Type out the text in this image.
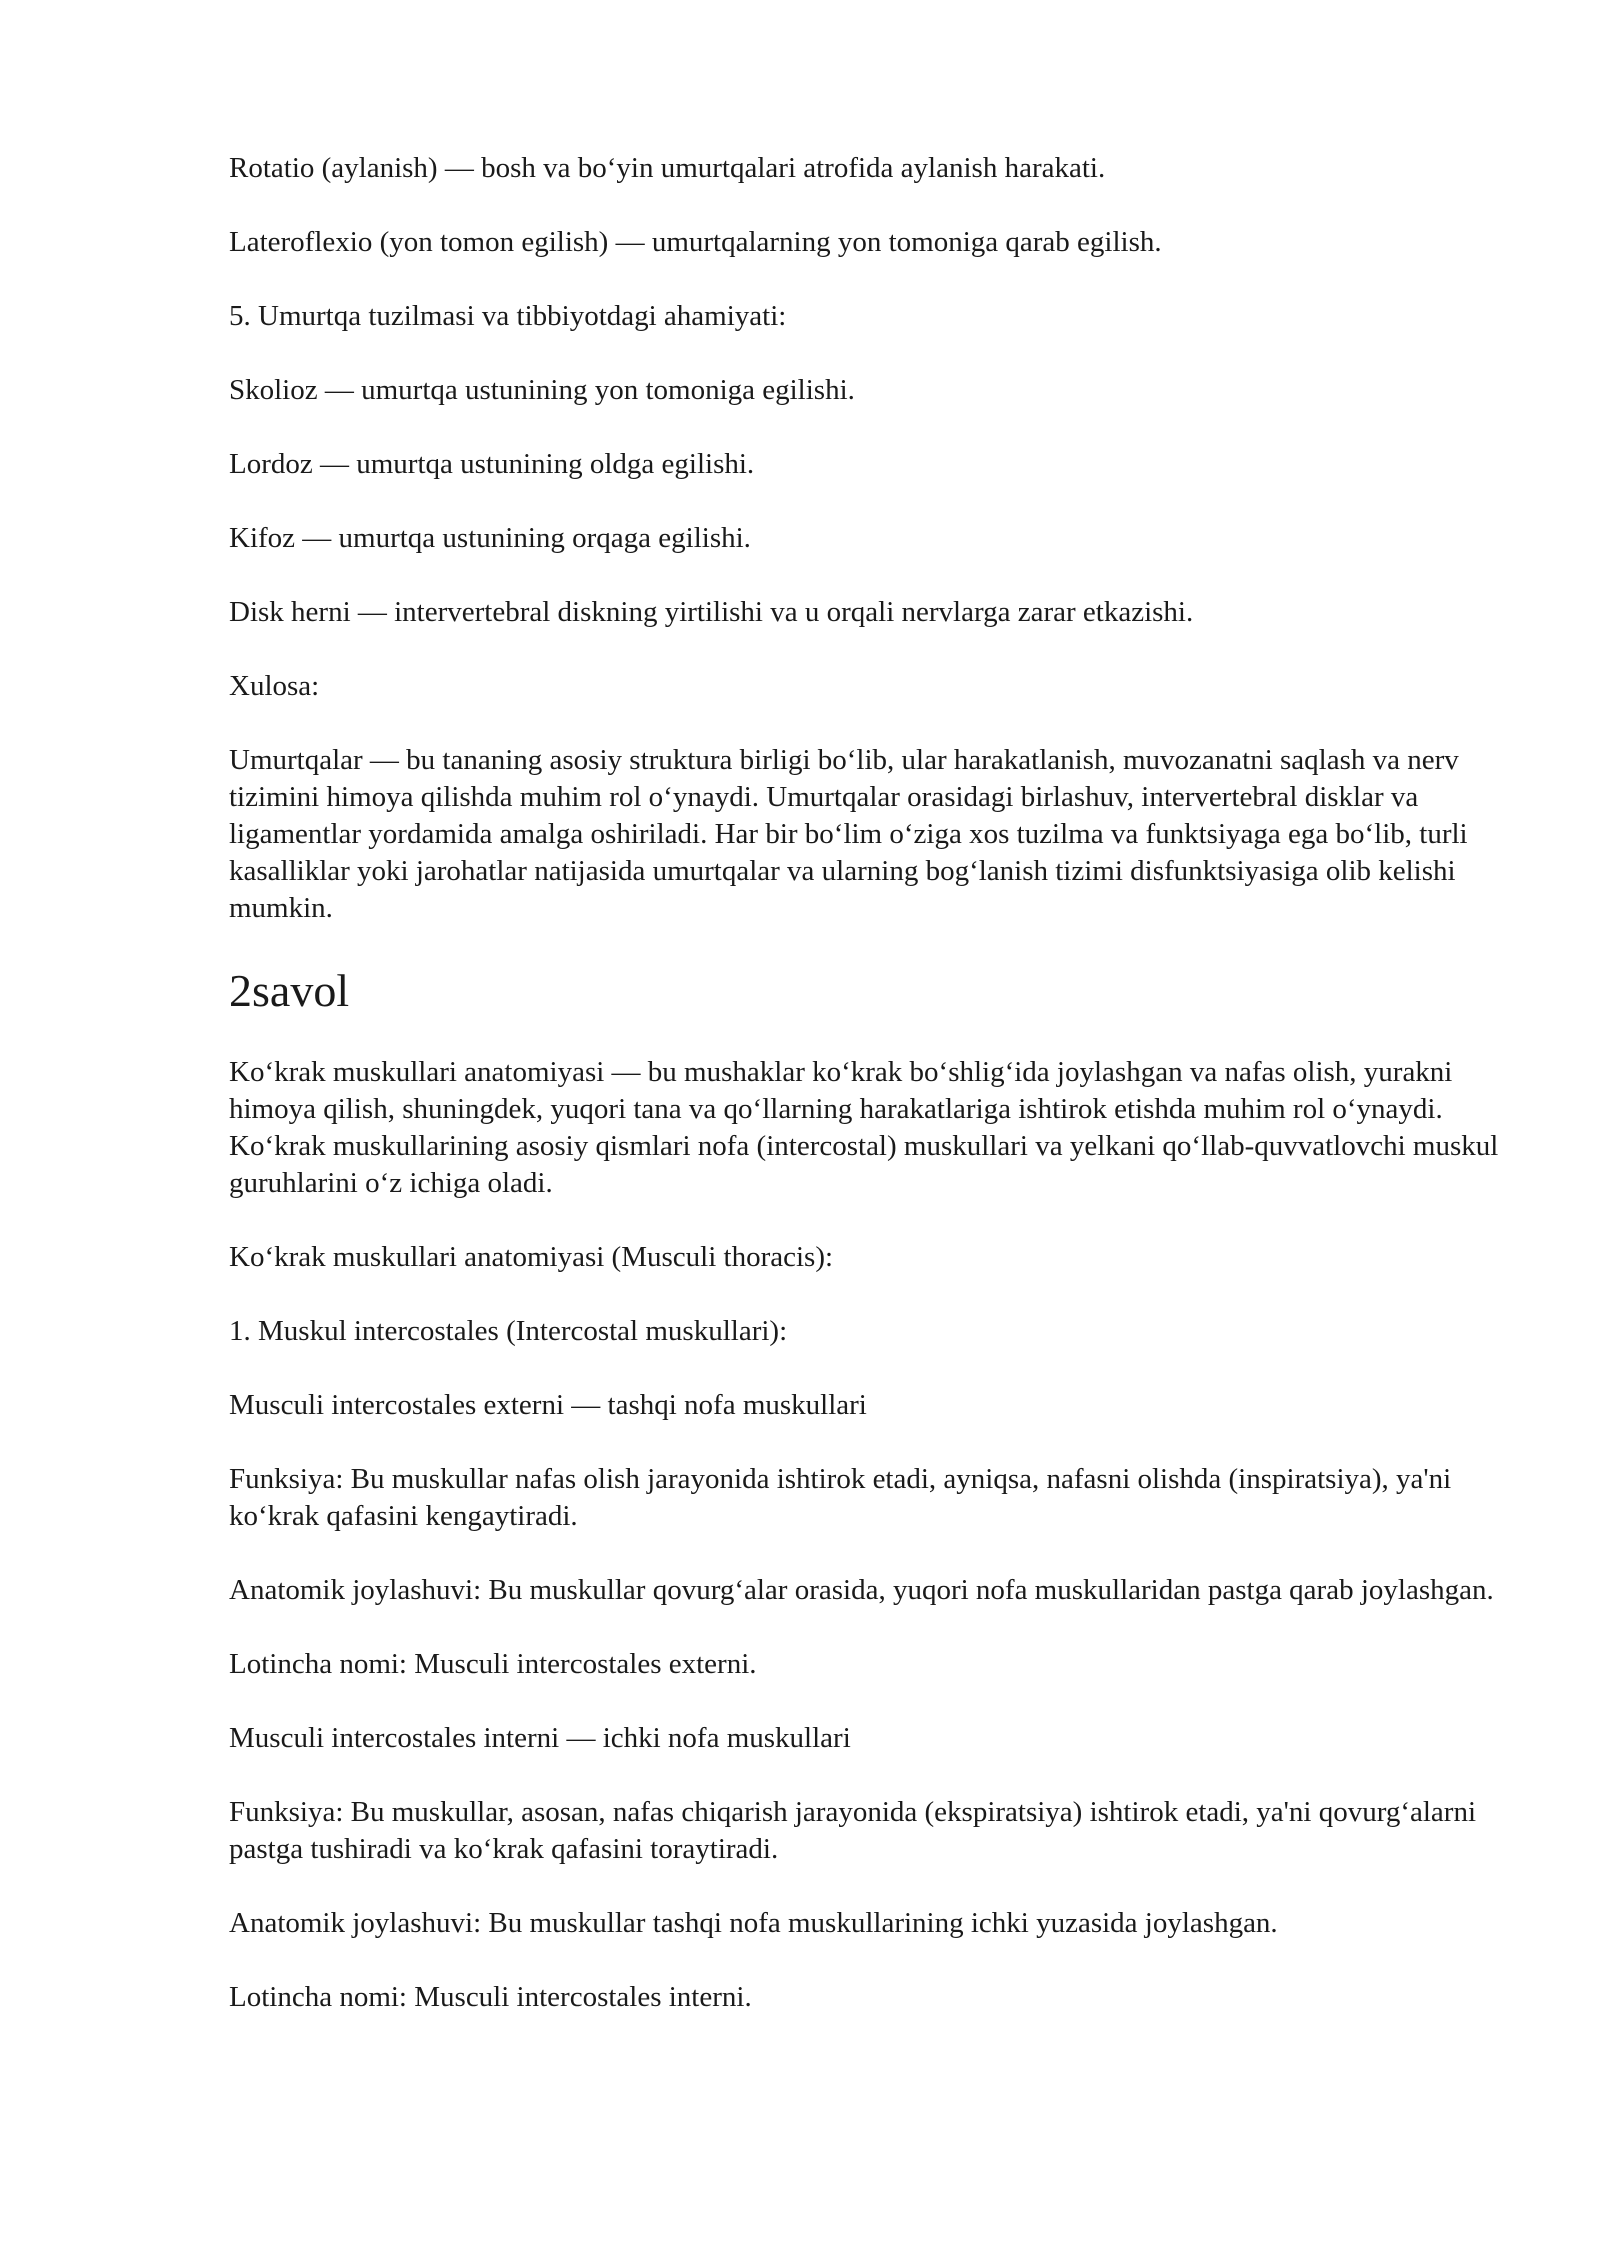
Rotatio (aylanish) — bosh va bo‘yin umurtqalari atrofida aylanish harakati.

Lateroflexio (yon tomon egilish) — umurtqalarning yon tomoniga qarab egilish.

5. Umurtqa tuzilmasi va tibbiyotdagi ahamiyati:

Skolioz — umurtqa ustunining yon tomoniga egilishi.

Lordoz — umurtqa ustunining oldga egilishi.

Kifoz — umurtqa ustunining orqaga egilishi.

Disk herni — intervertebral diskning yirtilishi va u orqali nervlarga zarar etkazishi.

Xulosa:

Umurtqalar — bu tananing asosiy struktura birligi bo‘lib, ular harakatlanish, muvozanatni saqlash va nerv tizimini himoya qilishda muhim rol o‘ynaydi. Umurtqalar orasidagi birlashuv, intervertebral disklar va ligamentlar yordamida amalga oshiriladi. Har bir bo‘lim o‘ziga xos tuzilma va funktsiyaga ega bo‘lib, turli kasalliklar yoki jarohatlar natijasida umurtqalar va ularning bog‘lanish tizimi disfunktsiyasiga olib kelishi mumkin.

2savol

Ko‘krak muskullari anatomiyasi — bu mushaklar ko‘krak bo‘shlig‘ida joylashgan va nafas olish, yurakni himoya qilish, shuningdek, yuqori tana va qo‘llarning harakatlariga ishtirok etishda muhim rol o‘ynaydi. Ko‘krak muskullarining asosiy qismlari nofa (intercostal) muskullari va yelkani qo‘llab-quvvatlovchi muskul guruhlarini o‘z ichiga oladi.

Ko‘krak muskullari anatomiyasi (Musculi thoracis):

1. Muskul intercostales (Intercostal muskullari):

Musculi intercostales externi — tashqi nofa muskullari

Funksiya: Bu muskullar nafas olish jarayonida ishtirok etadi, ayniqsa, nafasni olishda (inspiratsiya), ya'ni ko‘krak qafasini kengaytiradi.

Anatomik joylashuvi: Bu muskullar qovurg‘alar orasida, yuqori nofa muskullaridan pastga qarab joylashgan.

Lotincha nomi: Musculi intercostales externi.

Musculi intercostales interni — ichki nofa muskullari

Funksiya: Bu muskullar, asosan, nafas chiqarish jarayonida (ekspiratsiya) ishtirok etadi, ya'ni qovurg‘alarni pastga tushiradi va ko‘krak qafasini toraytiradi.

Anatomik joylashuvi: Bu muskullar tashqi nofa muskullarining ichki yuzasida joylashgan.

Lotincha nomi: Musculi intercostales interni.
